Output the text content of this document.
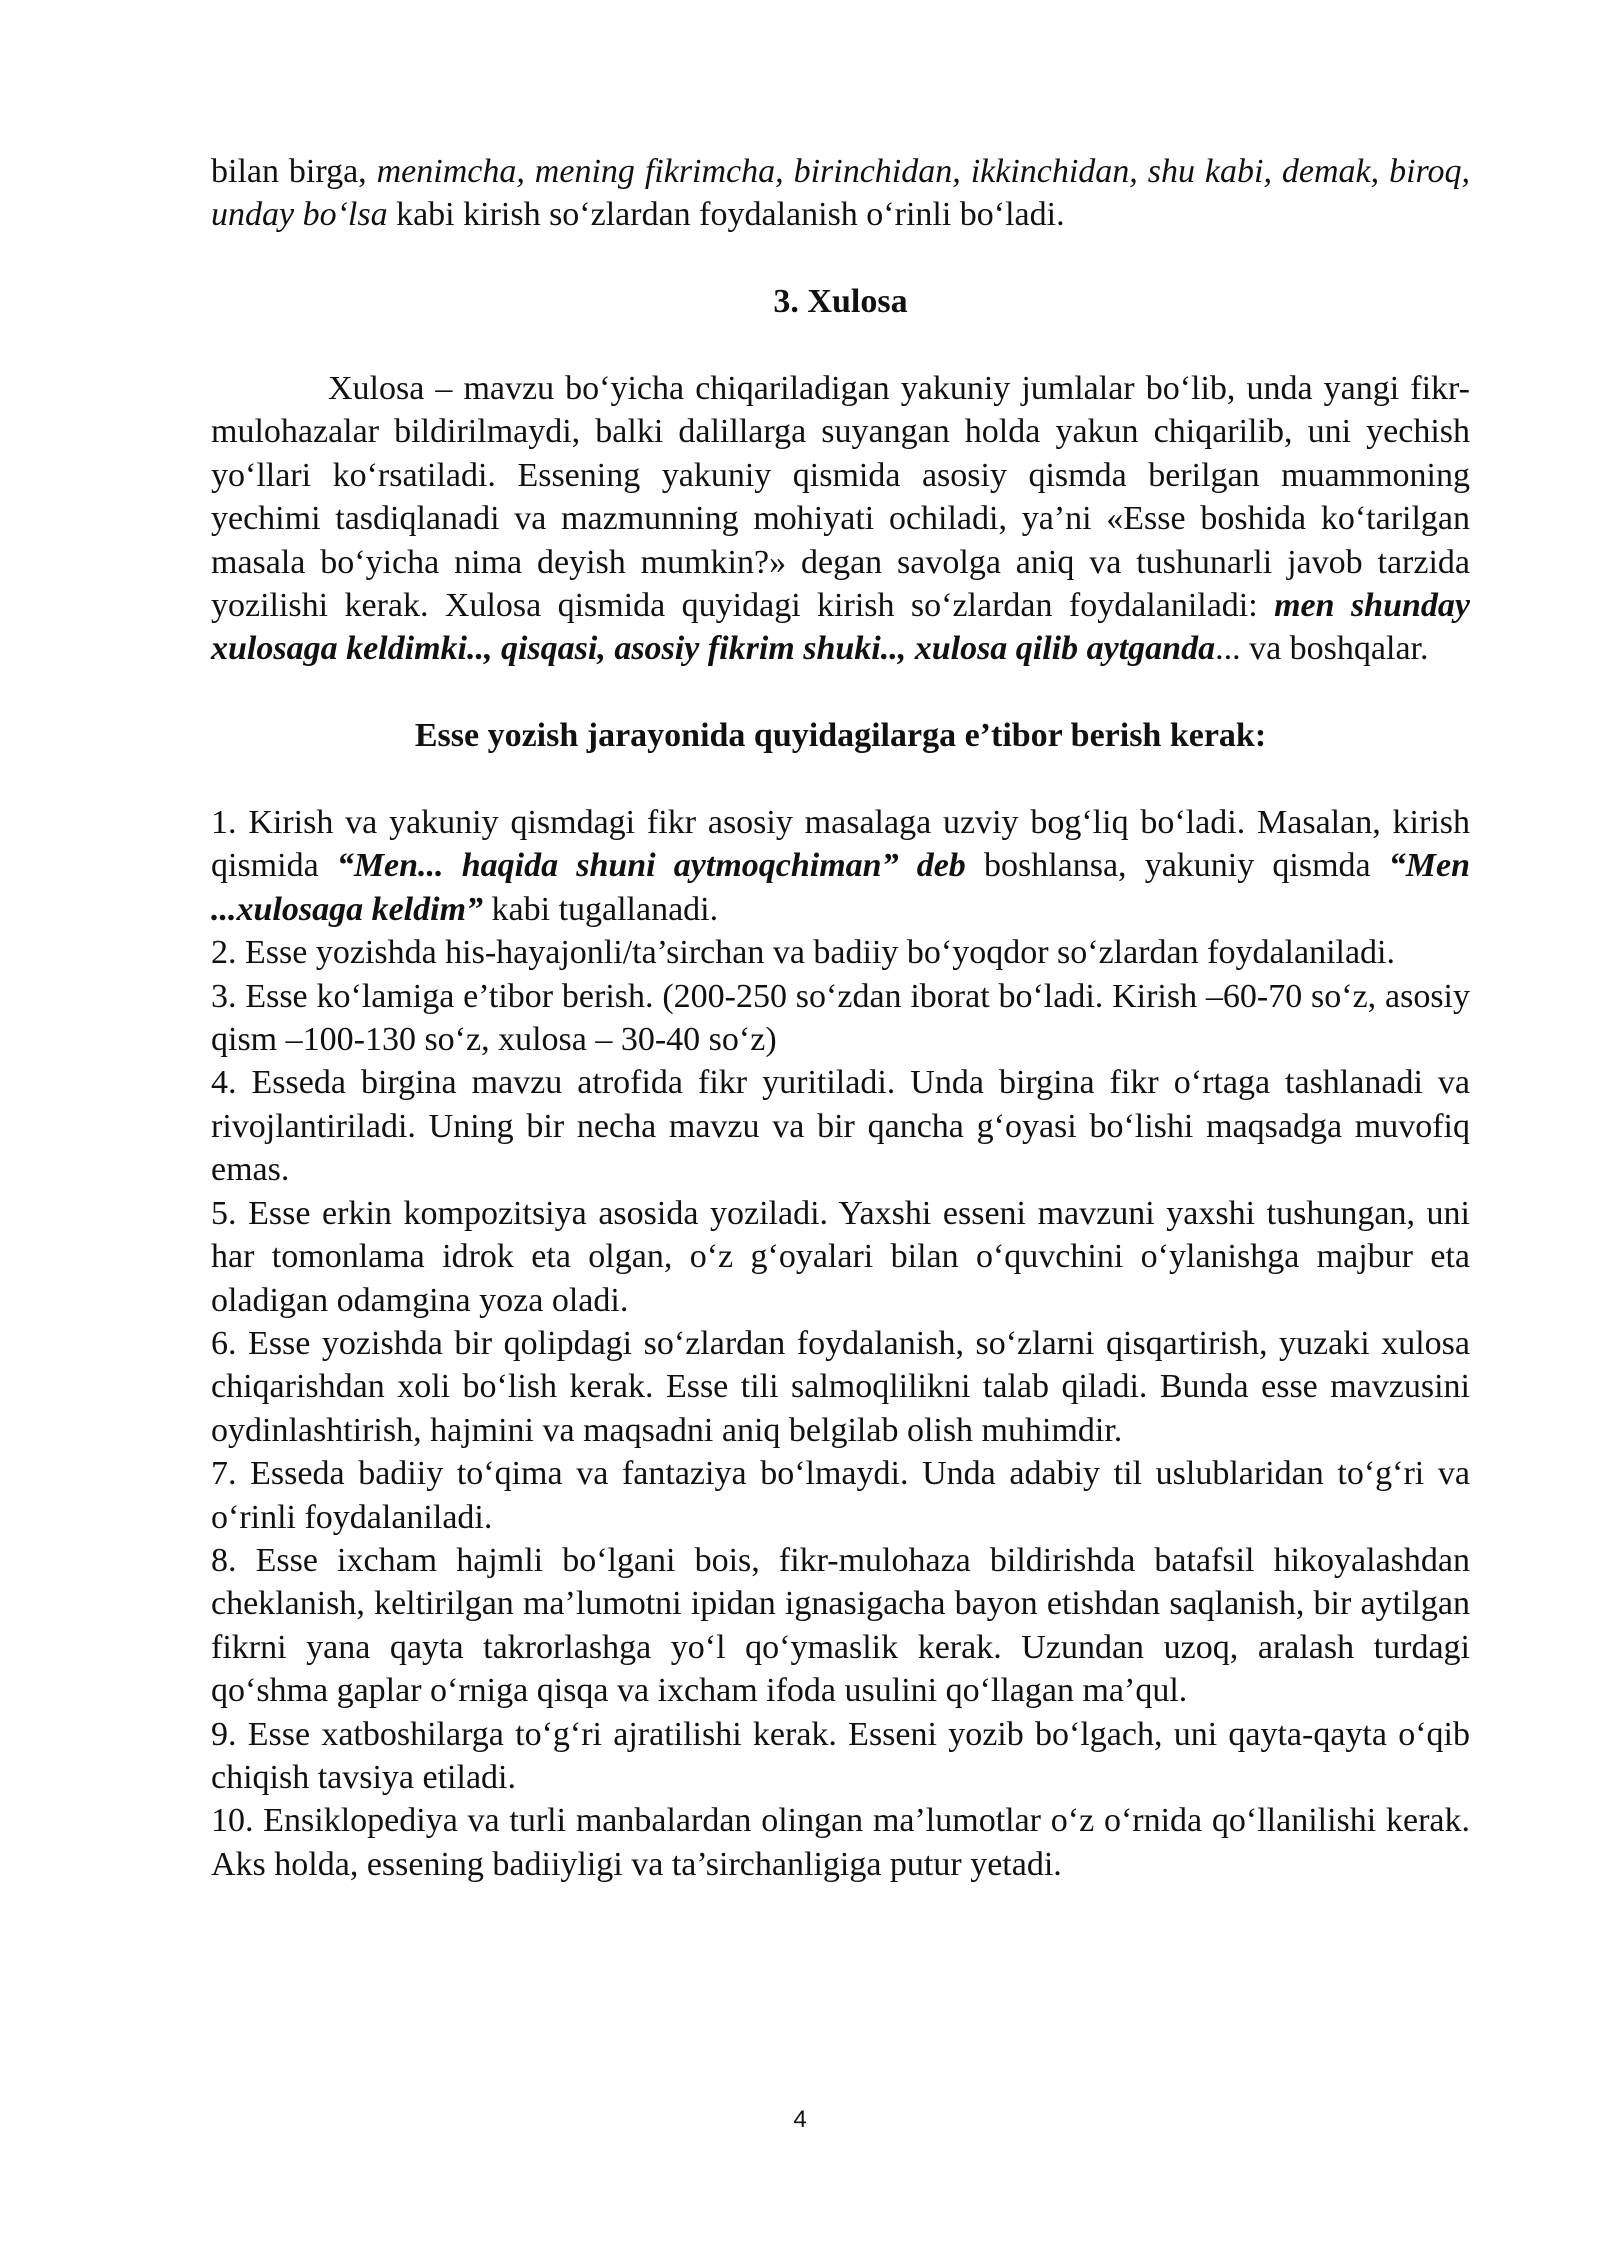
bilan birga, menimcha, mening fikrimcha, birinchidan, ikkinchidan, shu kabi, demak, biroq, unday bo‘lsa kabi kirish so‘zlardan foydalanish o‘rinli bo‘ladi.

3. Xulosa

Xulosa – mavzu bo‘yicha chiqariladigan yakuniy jumlalar bo‘lib, unda yangi fikr-mulohazalar bildirilmaydi, balki dalillarga suyangan holda yakun chiqarilib, uni yechish yo‘llari ko‘rsatiladi. Essening yakuniy qismida asosiy qismda berilgan muammoning yechimi tasdiqlanadi va mazmunning mohiyati ochiladi, ya’ni «Esse boshida ko‘tarilgan masala bo‘yicha nima deyish mumkin?» degan savolga aniq va tushunarli javob tarzida yozilishi kerak. Xulosa qismida quyidagi kirish so‘zlardan foydalaniladi: men shunday xulosaga keldimki.., qisqasi, asosiy fikrim shuki.., xulosa qilib aytganda... va boshqalar.

Esse yozish jarayonida quyidagilarga e’tibor berish kerak:

1. Kirish va yakuniy qismdagi fikr asosiy masalaga uzviy bog‘liq bo‘ladi. Masalan, kirish qismida “Men... haqida shuni aytmoqchiman” deb boshlansa, yakuniy qismda “Men ...xulosaga keldim” kabi tugallanadi.

2. Esse yozishda his-hayajonli/ta’sirchan va badiiy bo‘yoqdor so‘zlardan foydalaniladi.

3. Esse ko‘lamiga e’tibor berish. (200-250 so‘zdan iborat bo‘ladi. Kirish –60-70 so‘z, asosiy qism –100-130 so‘z, xulosa – 30-40 so‘z)

4. Esseda birgina mavzu atrofida fikr yuritiladi. Unda birgina fikr o‘rtaga tashlanadi va rivojlantiriladi. Uning bir necha mavzu va bir qancha g‘oyasi bo‘lishi maqsadga muvofiq emas.

5. Esse erkin kompozitsiya asosida yoziladi. Yaxshi esseni mavzuni yaxshi tushungan, uni har tomonlama idrok eta olgan, o‘z g‘oyalari bilan o‘quvchini o‘ylanishga majbur eta oladigan odamgina yoza oladi.

6. Esse yozishda bir qolipdagi so‘zlardan foydalanish, so‘zlarni qisqartirish, yuzaki xulosa chiqarishdan xoli bo‘lish kerak. Esse tili salmoqlilikni talab qiladi. Bunda esse mavzusini oydinlashtirish, hajmini va maqsadni aniq belgilab olish muhimdir.

7. Esseda badiiy to‘qima va fantaziya bo‘lmaydi. Unda adabiy til uslublaridan to‘g‘ri va o‘rinli foydalaniladi.

8. Esse ixcham hajmli bo‘lgani bois, fikr-mulohaza bildirishda batafsil hikoyalashdan cheklanish, keltirilgan ma’lumotni ipidan ignasigacha bayon etishdan saqlanish, bir aytilgan fikrni yana qayta takrorlashga yo‘l qo‘ymaslik kerak. Uzundan uzoq, aralash turdagi qo‘shma gaplar o‘rniga qisqa va ixcham ifoda usulini qo‘llagan ma’qul.

9. Esse xatboshilarga to‘g‘ri ajratilishi kerak. Esseni yozib bo‘lgach, uni qayta-qayta o‘qib chiqish tavsiya etiladi.

10. Ensiklopediya va turli manbalardan olingan ma’lumotlar o‘z o‘rnida qo‘llanilishi kerak. Aks holda, essening badiiyligi va ta’sirchanligiga putur yetadi.

4
